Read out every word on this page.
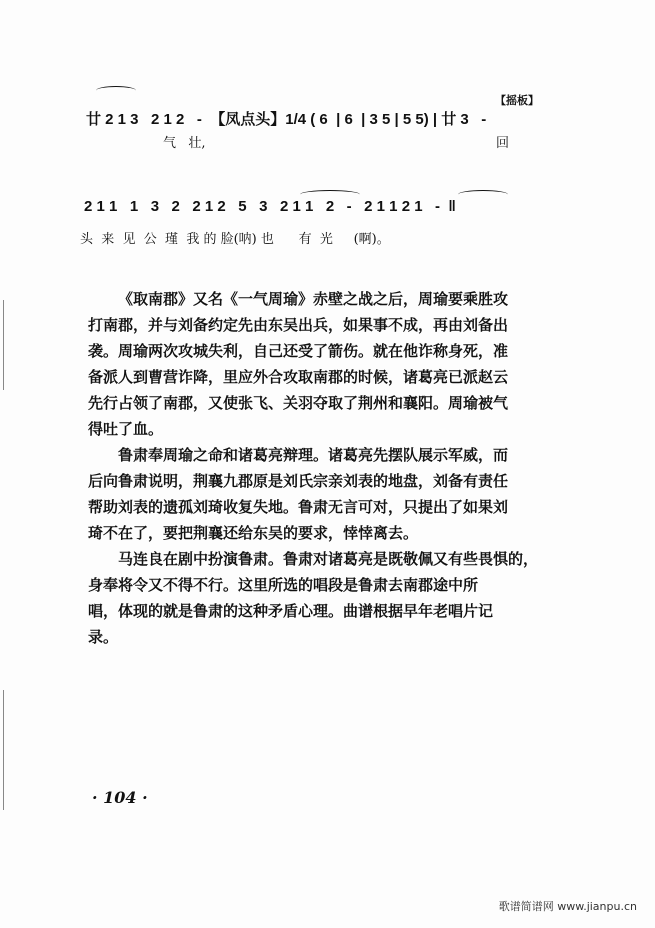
【摇板】
廿 2 1 3   2 1 2   -  【凤点头】1/4 ( 6  | 6  | 3 5 | 5 5) | 廿 3   -
气   壮,	回
2 1 1   1   3   2   2 1 2   5   3   2 1 1   2   -   2 1 1 2 1   -  ‖
头  来  见  公  瑾  我 的 脸(呐) 也      有  光     (啊)。
《取南郡》又名《一气周瑜》赤壁之战之后，周瑜要乘胜攻
打南郡，并与刘备约定先由东吴出兵，如果事不成，再由刘备出
袭。周瑜两次攻城失利，自己还受了箭伤。就在他诈称身死，准
备派人到曹营诈降，里应外合攻取南郡的时候，诸葛亮已派赵云
先行占领了南郡，又使张飞、关羽夺取了荆州和襄阳。周瑜被气
得吐了血。
鲁肃奉周瑜之命和诸葛亮辩理。诸葛亮先摆队展示军威，而
后向鲁肃说明，荆襄九郡原是刘氏宗亲刘表的地盘，刘备有责任
帮助刘表的遗孤刘琦收复失地。鲁肃无言可对，只提出了如果刘
琦不在了，要把荆襄还给东吴的要求，悻悻离去。
马连良在剧中扮演鲁肃。鲁肃对诸葛亮是既敬佩又有些畏惧的，
身奉将令又不得不行。这里所选的唱段是鲁肃去南郡途中所
唱，体现的就是鲁肃的这种矛盾心理。曲谱根据早年老唱片记
录。
· 104 ·
歌谱简谱网 www.jianpu.cn
